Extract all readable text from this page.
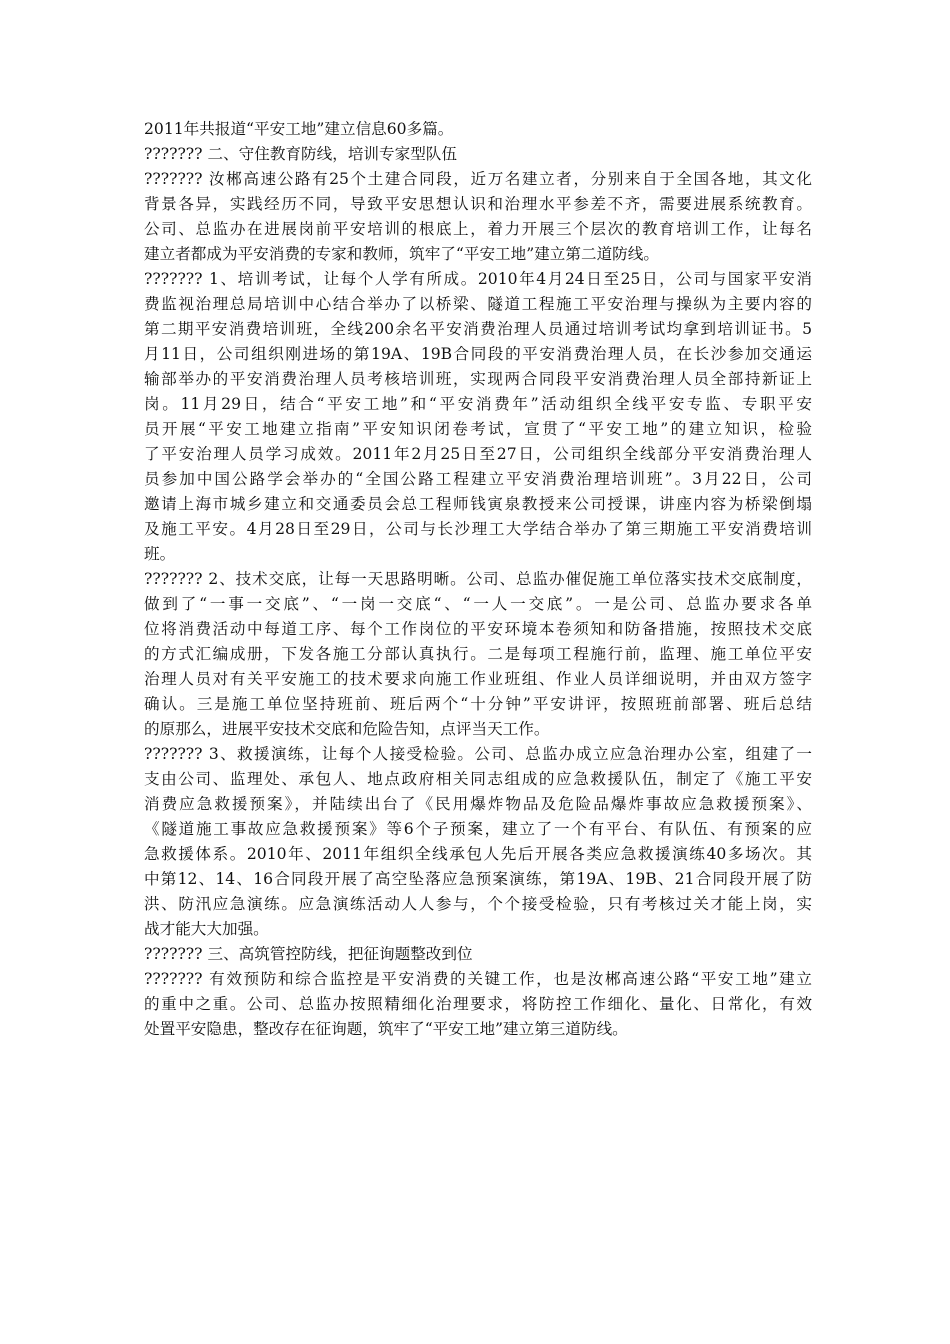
2011年共报道“平安工地”建立信息60多篇。
??????? 二、守住教育防线，培训专家型队伍
??????? 汝郴高速公路有25个土建合同段，近万名建立者，分别来自于全国各地，其文化
背景各异，实践经历不同，导致平安思想认识和治理水平参差不齐，需要进展系统教育。
公司、总监办在进展岗前平安培训的根底上，着力开展三个层次的教育培训工作，让每名
建立者都成为平安消费的专家和教师，筑牢了“平安工地”建立第二道防线。
??????? 1、培训考试，让每个人学有所成。2010年4月24日至25日，公司与国家平安消
费监视治理总局培训中心结合举办了以桥梁、隧道工程施工平安治理与操纵为主要内容的
第二期平安消费培训班，全线200余名平安消费治理人员通过培训考试均拿到培训证书。5
月11日，公司组织刚进场的第19A、19B合同段的平安消费治理人员，在长沙参加交通运
输部举办的平安消费治理人员考核培训班，实现两合同段平安消费治理人员全部持新证上
岗。11月29日，结合“平安工地”和“平安消费年”活动组织全线平安专监、专职平安
员开展“平安工地建立指南”平安知识闭卷考试，宣贯了“平安工地”的建立知识，检验
了平安治理人员学习成效。2011年2月25日至27日，公司组织全线部分平安消费治理人
员参加中国公路学会举办的“全国公路工程建立平安消费治理培训班”。3月22日，公司
邀请上海市城乡建立和交通委员会总工程师钱寅泉教授来公司授课，讲座内容为桥梁倒塌
及施工平安。4月28日至29日，公司与长沙理工大学结合举办了第三期施工平安消费培训
班。
??????? 2、技术交底，让每一天思路明晰。公司、总监办催促施工单位落实技术交底制度，
做到了“一事一交底”、“一岗一交底“、“一人一交底”。一是公司、总监办要求各单
位将消费活动中每道工序、每个工作岗位的平安环境本卷须知和防备措施，按照技术交底
的方式汇编成册，下发各施工分部认真执行。二是每项工程施行前，监理、施工单位平安
治理人员对有关平安施工的技术要求向施工作业班组、作业人员详细说明，并由双方签字
确认。三是施工单位坚持班前、班后两个“十分钟”平安讲评，按照班前部署、班后总结
的原那么，进展平安技术交底和危险告知，点评当天工作。
??????? 3、救援演练，让每个人接受检验。公司、总监办成立应急治理办公室，组建了一
支由公司、监理处、承包人、地点政府相关同志组成的应急救援队伍，制定了《施工平安
消费应急救援预案》，并陆续出台了《民用爆炸物品及危险品爆炸事故应急救援预案》、
《隧道施工事故应急救援预案》等6个子预案，建立了一个有平台、有队伍、有预案的应
急救援体系。2010年、2011年组织全线承包人先后开展各类应急救援演练40多场次。其
中第12、14、16合同段开展了高空坠落应急预案演练，第19A、19B、21合同段开展了防
洪、防汛应急演练。应急演练活动人人参与，个个接受检验，只有考核过关才能上岗，实
战才能大大加强。
??????? 三、高筑管控防线，把征询题整改到位
??????? 有效预防和综合监控是平安消费的关键工作，也是汝郴高速公路“平安工地”建立
的重中之重。公司、总监办按照精细化治理要求，将防控工作细化、量化、日常化，有效
处置平安隐患，整改存在征询题，筑牢了“平安工地”建立第三道防线。
